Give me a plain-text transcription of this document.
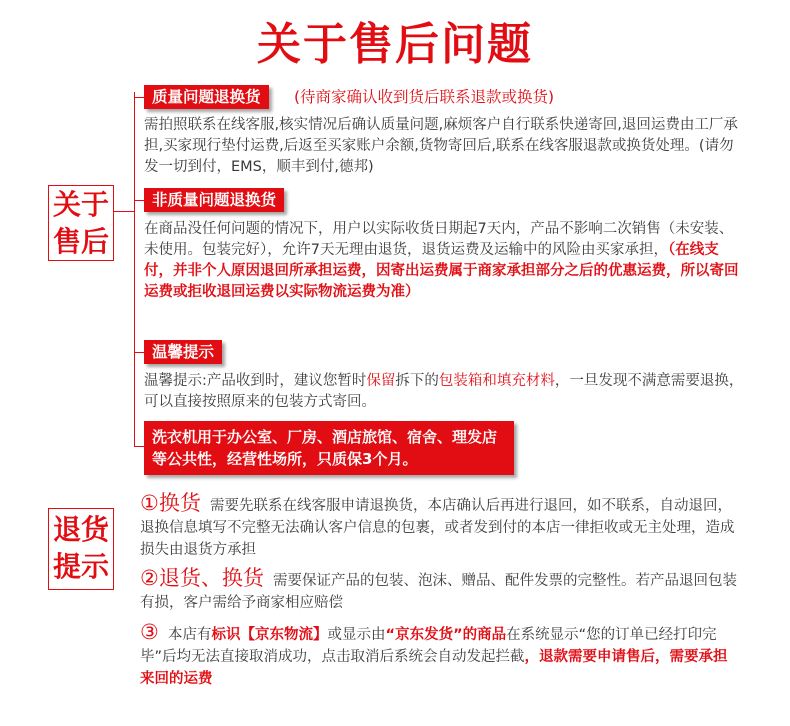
关于售后问题
关于
售后
质量问题退换货	(待商家确认收到货后联系退款或换货)
需拍照联系在线客服,核实情况后确认质量问题,麻烦客户自行联系快递寄回,退回运费由工厂承担,买家现行垫付运费,后返至买家账户余额,货物寄回后,联系在线客服退款或换货处理。(请勿发一切到付，EMS，顺丰到付,德邦)
非质量问题退换货
在商品没任何问题的情况下，用户以实际收货日期起7天内，产品不影响二次销售（未安装、未使用。包装完好），允许7天无理由退货，退货运费及运输中的风险由买家承担，（在线支付，并非个人原因退回所承担运费，因寄出运费属于商家承担部分之后的优惠运费，所以寄回运费或拒收退回运费以实际物流运费为准）
温馨提示
温馨提示:产品收到时，建议您暂时保留拆下的包装箱和填充材料，一旦发现不满意需要退换，可以直接按照原来的包装方式寄回。
洗衣机用于办公室、厂房、酒店旅馆、宿舍、理发店等公共性，经营性场所，只质保3个月。
退货
提示
①换货 需要先联系在线客服申请退换货，本店确认后再进行退回，如不联系，自动退回，退换信息填写不完整无法确认客户信息的包裹，或者发到付的本店一律拒收或无主处理，造成损失由退货方承担
②退货、换货 需要保证产品的包装、泡沫、赠品、配件发票的完整性。若产品退回包装有损，客户需给予商家相应赔偿
③ 本店有标识【京东物流】或显示由“京东发货”的商品在系统显示“您的订单已经打印完毕”后均无法直接取消成功，点击取消后系统会自动发起拦截，退款需要申请售后，需要承担来回的运费
